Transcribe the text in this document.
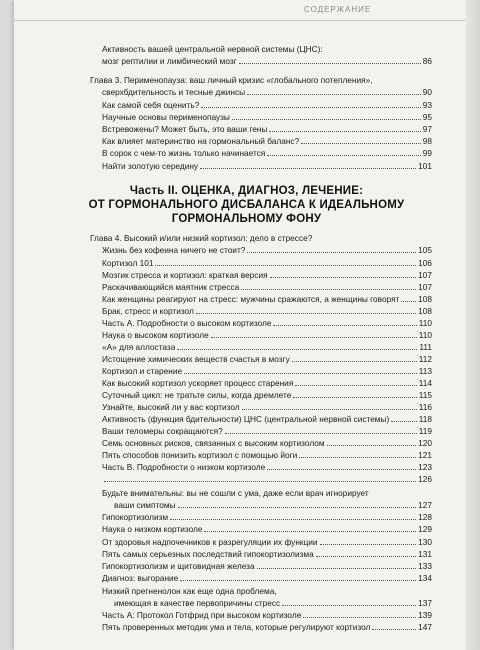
СОДЕРЖАНИЕ
Активность вашей центральной нервной системы (ЦНС):
мозг рептилии и лимбический мозг	86
Глава 3. Перименопауза: ваш личный кризис «глобального потепления»,
сверхбдительность и тесные джинсы	90
Как самой себя оценить?	93
Научные основы перименопаузы	95
Встревожены? Может быть, это ваши гены	97
Как влияет материнство на гормональный баланс?	98
В сорок с чем-то жизнь только начинается	99
Найти золотую середину	101
Часть II. ОЦЕНКА, ДИАГНОЗ, ЛЕЧЕНИЕ:
ОТ ГОРМОНАЛЬНОГО ДИСБАЛАНСА К ИДЕАЛЬНОМУ
ГОРМОНАЛЬНОМУ ФОНУ
Глава 4. Высокий и/или низкий кортизол: дело в стрессе?
Жизнь без кофеина ничего не стоит?	105
Кортизол 101	106
Мозгик стресса и кортизол: краткая версия	107
Раскачивающийся маятник стресса	107
Как женщины реагируют на стресс: мужчины сражаются, а женщины говорят 108
Брак, стресс и кортизол	108
Часть А. Подробности о высоком кортизоле	110
Наука о высоком кортизоле	110
«А» для аллостаза	111
Истощение химических веществ счастья в мозгу	112
Кортизол и старение	113
Как высокий кортизол ускоряет процесс старения	114
Суточный цикл: не тратьте силы, когда дремлете	115
Узнайте, высокий ли у вас кортизол	116
Активность (функция бдительности) ЦНС (центральной нервной системы)	118
Ваши теломеры сокращаются?	119
Семь основных рисков, связанных с высоким кортизолом	120
Пять способов понизить кортизол с помощью йоги	121
Часть В. Подробности о низком кортизоле	123
126
Будьте внимательны: вы не сошли с ума, даже если врач игнорирует
ваши симптомы	127
Гипокортизолизм	128
Наука о низком кортизоле	129
От здоровья надпочечников к разрегуляции их функции	130
Пять самых серьезных последствий гипокортизолизма	131
Гипокортизолизм и щитовидная железа	133
Диагноз: выгорание	134
Низкий прегненолон как еще одна проблема,
имеющая в качестве первопричины стресс	137
Часть А: Протокол Готфрид при высоком кортизоле	139
Пять проверенных методик ума и тела, которые регулируют кортизол	147
